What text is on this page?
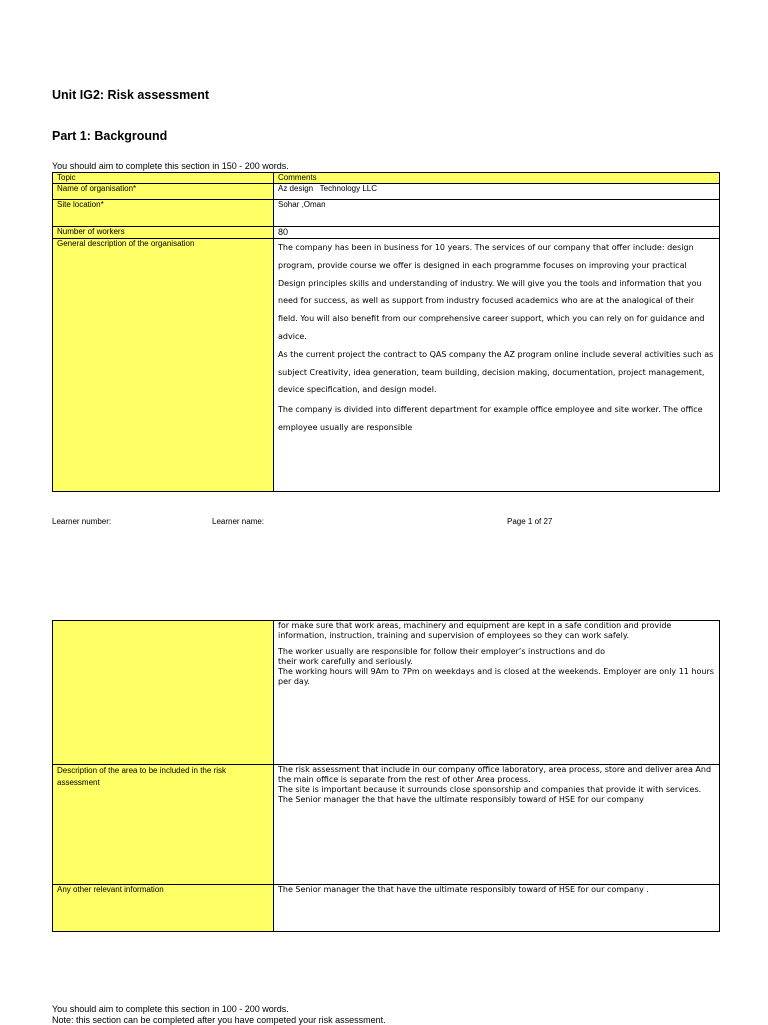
Unit IG2: Risk assessment
Part 1: Background
You should aim to complete this section in 150 - 200 words.
Topic	Comments
Name of organisation*	Az design   Technology LLC
Site location*	Sohar ,Oman
Number of workers	80
General description of the organisation	The company has been in business for 10 years. The services of our company that offer include: design program, provide course we offer is designed in each programme focuses on improving your practical Design principles skills and understanding of industry. We will give you the tools and information that you need for success, as well as support from industry focused academics who are at the analogical of their field. You will also benefit from our comprehensive career support, which you can rely on for guidance and advice.

As the current project the contract to QAS company the AZ program online include several activities such as subject Creativity, idea generation, team building, decision making, documentation, project management, device specification, and design model.

The company is divided into different department for example office employee and site worker. The office employee usually are responsible

Learner number:	Learner name:	Page 1 of 27

	for make sure that work areas, machinery and equipment are kept in a safe condition and provide information, instruction, training and supervision of employees so they can work safely.

The worker usually are responsible for follow their employer’s instructions and do their work carefully and seriously.

The working hours will 9Am to 7Pm on weekdays and is closed at the weekends. Employer are only 11 hours per day.

Description of the area to be included in the risk assessment	The risk assessment that include in our company office laboratory, area process, store and deliver area And the main office is separate from the rest of other Area process.

The site is important because it surrounds close sponsorship and companies that provide it with services. The Senior manager the that have the ultimate responsibly toward of HSE for our company

Any other relevant information	The Senior manager the that have the ultimate responsibly toward of HSE for our company .

You should aim to complete this section in 100 - 200 words.
Note: this section can be completed after you have competed your risk assessment.
